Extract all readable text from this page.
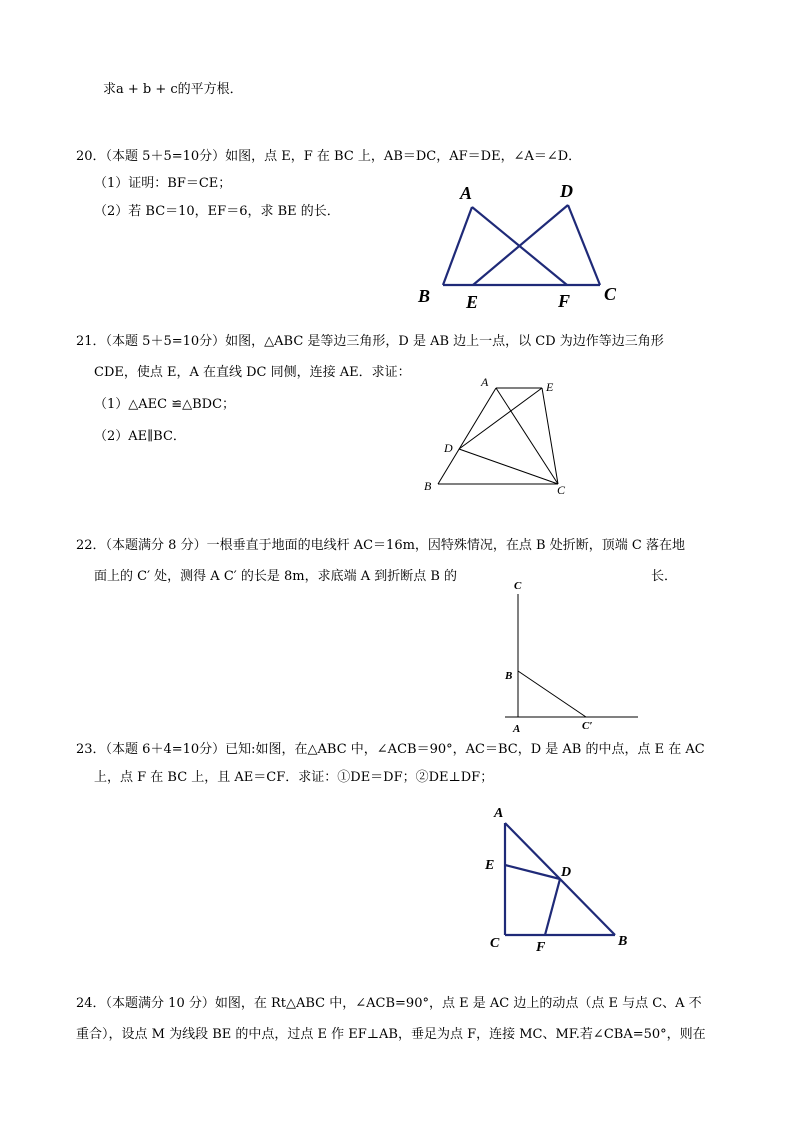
求a + b + c的平方根．
20．（本题 5＋5=10分）如图，点 E，F 在 BC 上，AB＝DC，AF＝DE，∠A＝∠D．
（1）证明：BF＝CE；
（2）若 BC＝10，EF＝6，求 BE 的长．
A	D
B E	F C
21．（本题 5＋5=10分）如图，△ABC 是等边三角形，D 是 AB 边上一点，以 CD 为边作等边三角形
CDE，使点 E，A 在直线 DC 同侧，连接 AE．求证：
（1）△AEC ≌△BDC；
（2）AE∥BC．
A	E
D
B	C
22．（本题满分 8 分）一根垂直于地面的电线杆 AC＝16m，因特殊情况，在点 B 处折断，顶端 C 落在地
面上的 C′ 处，测得 A C′ 的长是 8m，求底端 A 到折断点 B 的	长．
C
B
A	C′
23．（本题 6＋4=10分）已知:如图，在△ABC 中，∠ACB＝90°，AC＝BC，D 是 AB 的中点，点 E 在 AC
上，点 F 在 BC 上，且 AE＝CF．求证：①DE＝DF；②DE⊥DF；
A
E	D
C	F	B
24．（本题满分 10 分）如图，在 Rt△ABC 中，∠ACB=90°，点 E 是 AC 边上的动点（点 E 与点 C、A 不
重合），设点 M 为线段 BE 的中点，过点 E 作 EF⊥AB，垂足为点 F，连接 MC、MF.若∠CBA=50°，则在
